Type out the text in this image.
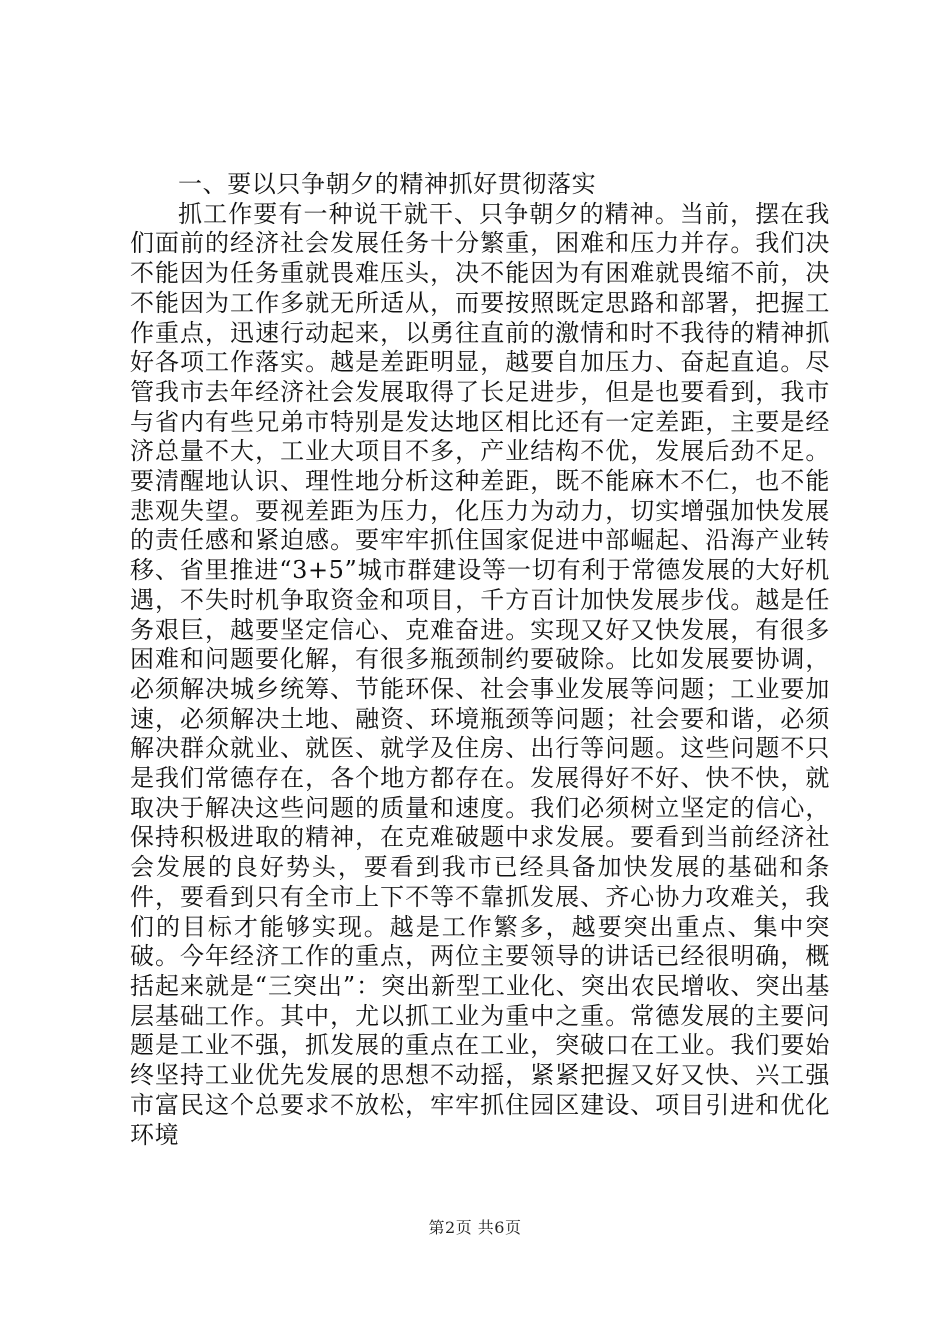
一、要以只争朝夕的精神抓好贯彻落实

抓工作要有一种说干就干、只争朝夕的精神。当前，摆在我们面前的经济社会发展任务十分繁重，困难和压力并存。我们决不能因为任务重就畏难压头，决不能因为有困难就畏缩不前，决不能因为工作多就无所适从，而要按照既定思路和部署，把握工作重点，迅速行动起来，以勇往直前的激情和时不我待的精神抓好各项工作落实。越是差距明显，越要自加压力、奋起直追。尽管我市去年经济社会发展取得了长足进步，但是也要看到，我市与省内有些兄弟市特别是发达地区相比还有一定差距，主要是经济总量不大，工业大项目不多，产业结构不优，发展后劲不足。要清醒地认识、理性地分析这种差距，既不能麻木不仁，也不能悲观失望。要视差距为压力，化压力为动力，切实增强加快发展的责任感和紧迫感。要牢牢抓住国家促进中部崛起、沿海产业转移、省里推进“3+5”城市群建设等一切有利于常德发展的大好机遇，不失时机争取资金和项目，千方百计加快发展步伐。越是任务艰巨，越要坚定信心、克难奋进。实现又好又快发展，有很多困难和问题要化解，有很多瓶颈制约要破除。比如发展要协调，必须解决城乡统筹、节能环保、社会事业发展等问题；工业要加速，必须解决土地、融资、环境瓶颈等问题；社会要和谐，必须解决群众就业、就医、就学及住房、出行等问题。这些问题不只是我们常德存在，各个地方都存在。发展得好不好、快不快，就取决于解决这些问题的质量和速度。我们必须树立坚定的信心，保持积极进取的精神，在克难破题中求发展。要看到当前经济社会发展的良好势头，要看到我市已经具备加快发展的基础和条件，要看到只有全市上下不等不靠抓发展、齐心协力攻难关，我们的目标才能够实现。越是工作繁多，越要突出重点、集中突破。今年经济工作的重点，两位主要领导的讲话已经很明确，概括起来就是“三突出”：突出新型工业化、突出农民增收、突出基层基础工作。其中，尤以抓工业为重中之重。常德发展的主要问题是工业不强，抓发展的重点在工业，突破口在工业。我们要始终坚持工业优先发展的思想不动摇，紧紧把握又好又快、兴工强市富民这个总要求不放松，牢牢抓住园区建设、项目引进和优化环境

第2页 共6页
